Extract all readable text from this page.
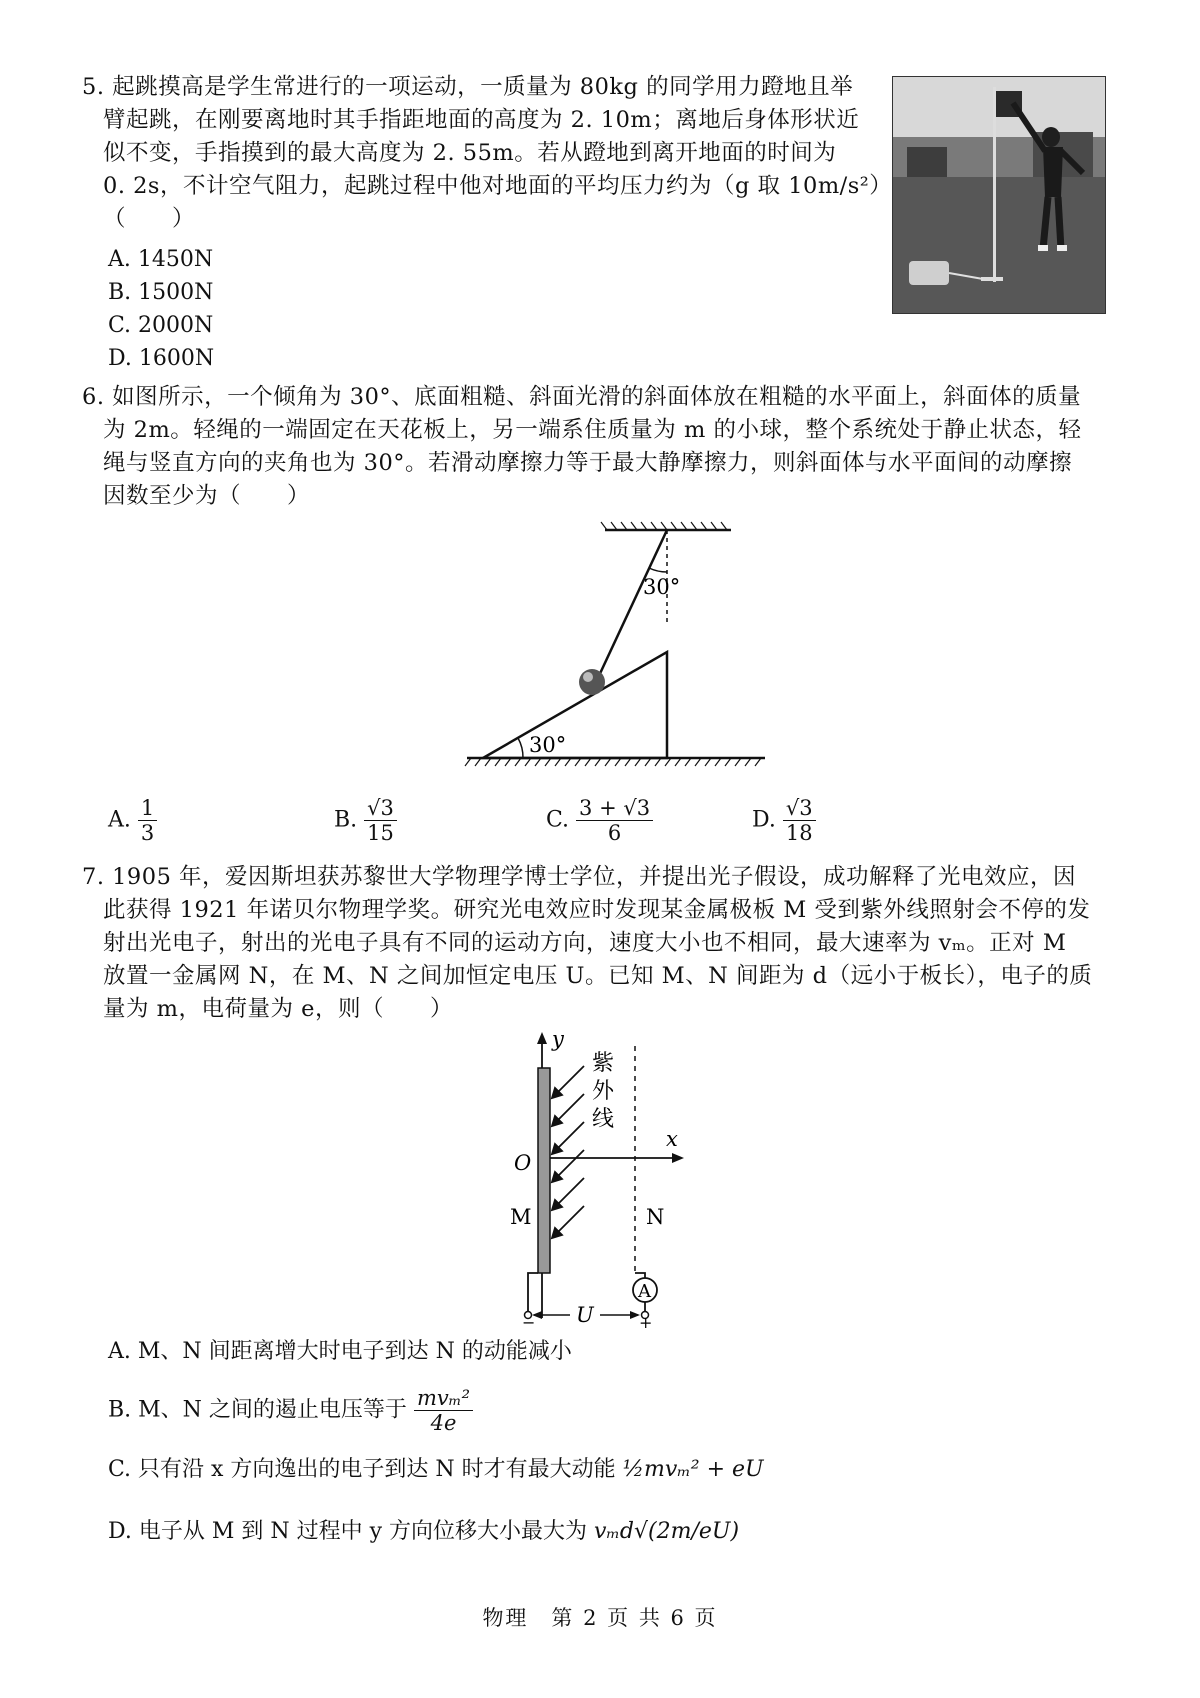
5. 起跳摸高是学生常进行的一项运动，一质量为 80kg 的同学用力蹬地且举
臂起跳，在刚要离地时其手指距地面的高度为 2. 10m；离地后身体形状近
似不变，手指摸到的最大高度为 2. 55m。若从蹬地到离开地面的时间为
0. 2s，不计空气阻力，起跳过程中他对地面的平均压力约为（g 取 10m/s²）
（　　）
A. 1450N
B. 1500N
C. 2000N
D. 1600N
6. 如图所示，一个倾角为 30°、底面粗糙、斜面光滑的斜面体放在粗糙的水平面上，斜面体的质量
为 2m。轻绳的一端固定在天花板上，另一端系住质量为 m 的小球，整个系统处于静止状态，轻
绳与竖直方向的夹角也为 30°。若滑动摩擦力等于最大静摩擦力，则斜面体与水平面间的动摩擦
因数至少为（　　）
30°
30°
A. $\frac{1}{3}$	B. $\frac{√3}{15}$	C. $\frac{3 + √3}{6}$	D. $\frac{√3}{18}$
7. 1905 年，爱因斯坦获苏黎世大学物理学博士学位，并提出光子假设，成功解释了光电效应，因
此获得 1921 年诺贝尔物理学奖。研究光电效应时发现某金属极板 M 受到紫外线照射会不停的发
射出光电子，射出的光电子具有不同的运动方向，速度大小也不相同，最大速率为 vₘ。正对 M
放置一金属网 N，在 M、N 之间加恒定电压 U。已知 M、N 间距为 d（远小于板长），电子的质
量为 m，电荷量为 e，则（　　）
y
紫
外
线
x
O
M	N
A
U
−	+
A. M、N 间距离增大时电子到达 N 的动能减小
B. M、N 之间的遏止电压等于 $\frac{\text{mvₘ²}}{4e}$
C. 只有沿 x 方向逸出的电子到达 N 时才有最大动能 ½mvₘ² + eU
D. 电子从 M 到 N 过程中 y 方向位移大小最大为 vₘd√(2m/eU)
物理　第 2 页 共 6 页
